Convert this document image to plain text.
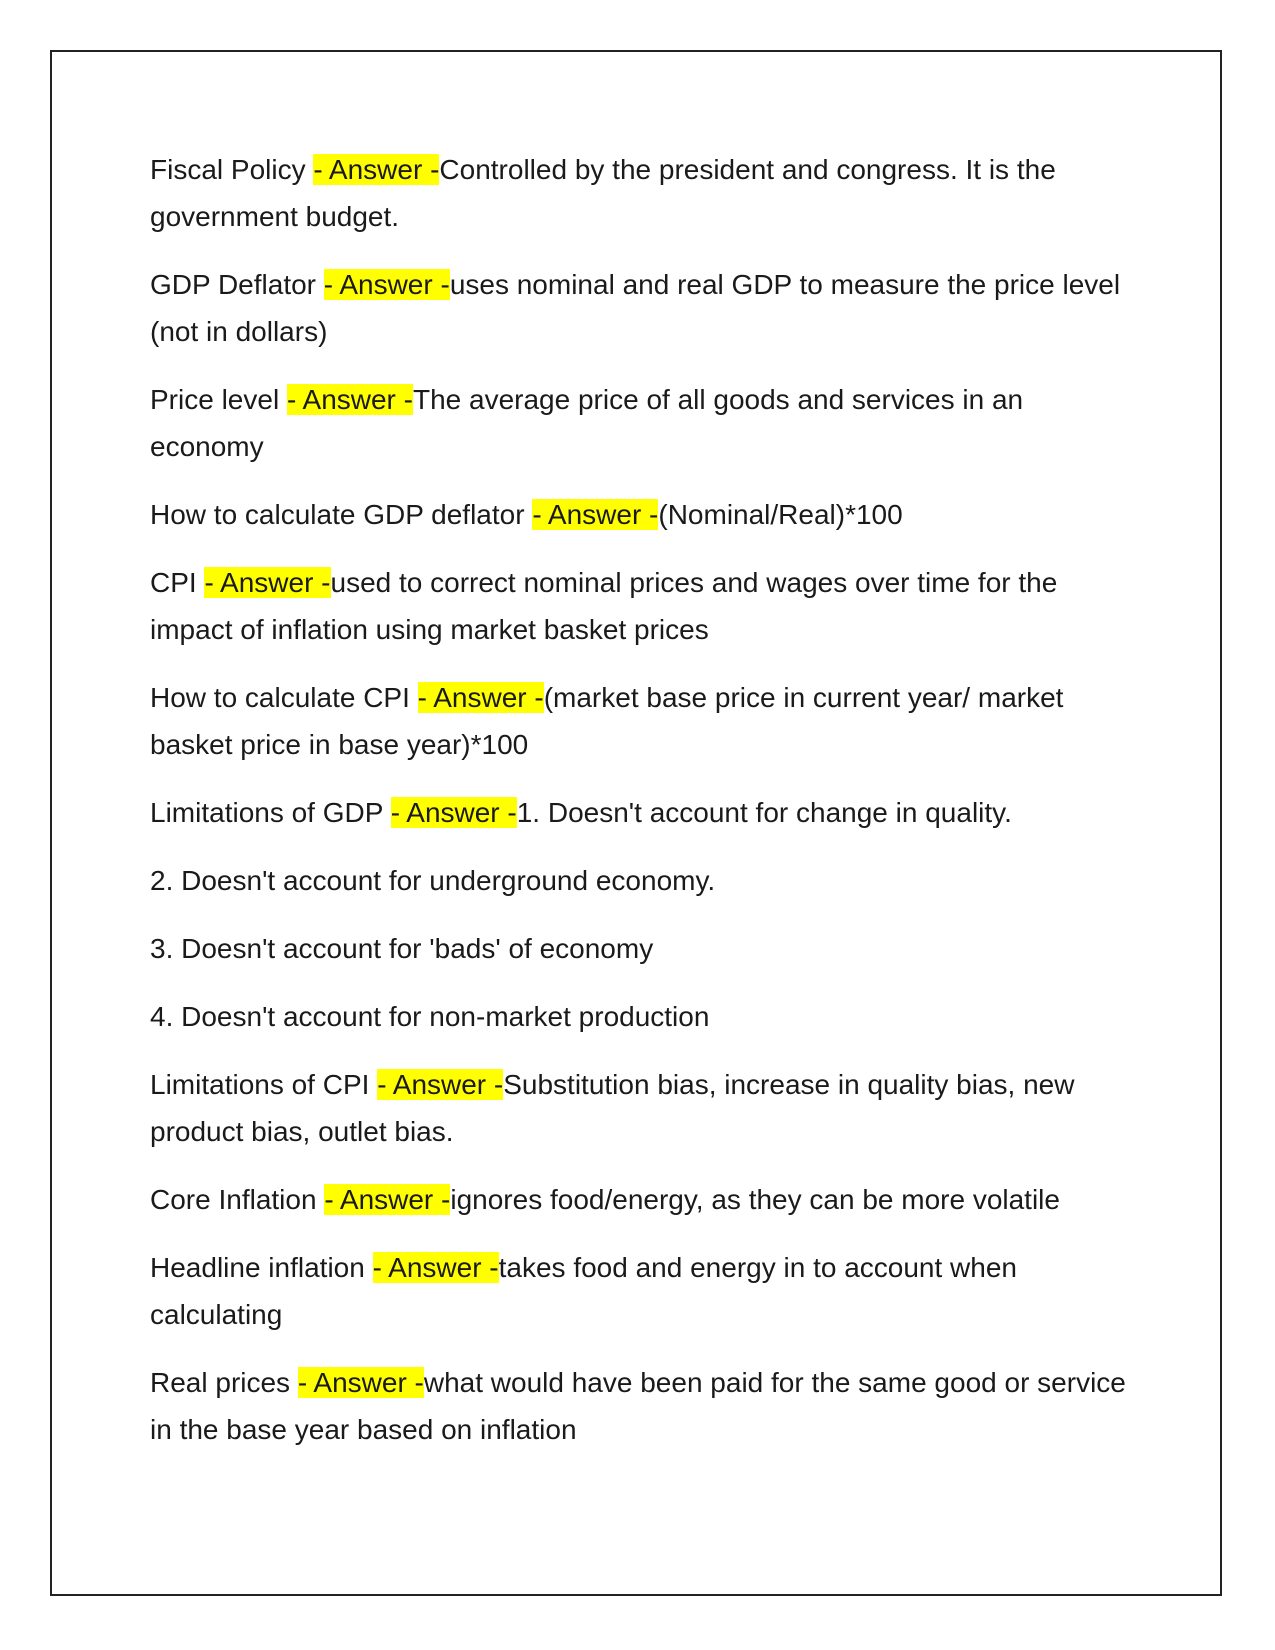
Fiscal Policy - Answer -Controlled by the president and congress. It is the government budget.

GDP Deflator - Answer -uses nominal and real GDP to measure the price level (not in dollars)

Price level - Answer -The average price of all goods and services in an economy

How to calculate GDP deflator - Answer -(Nominal/Real)*100

CPI - Answer -used to correct nominal prices and wages over time for the impact of inflation using market basket prices

How to calculate CPI - Answer -(market base price in current year/ market basket price in base year)*100

Limitations of GDP - Answer -1. Doesn't account for change in quality.

2. Doesn't account for underground economy.

3. Doesn't account for 'bads' of economy

4. Doesn't account for non-market production

Limitations of CPI - Answer -Substitution bias, increase in quality bias, new product bias, outlet bias.

Core Inflation - Answer -ignores food/energy, as they can be more volatile

Headline inflation - Answer -takes food and energy in to account when calculating

Real prices - Answer -what would have been paid for the same good or service in the base year based on inflation
